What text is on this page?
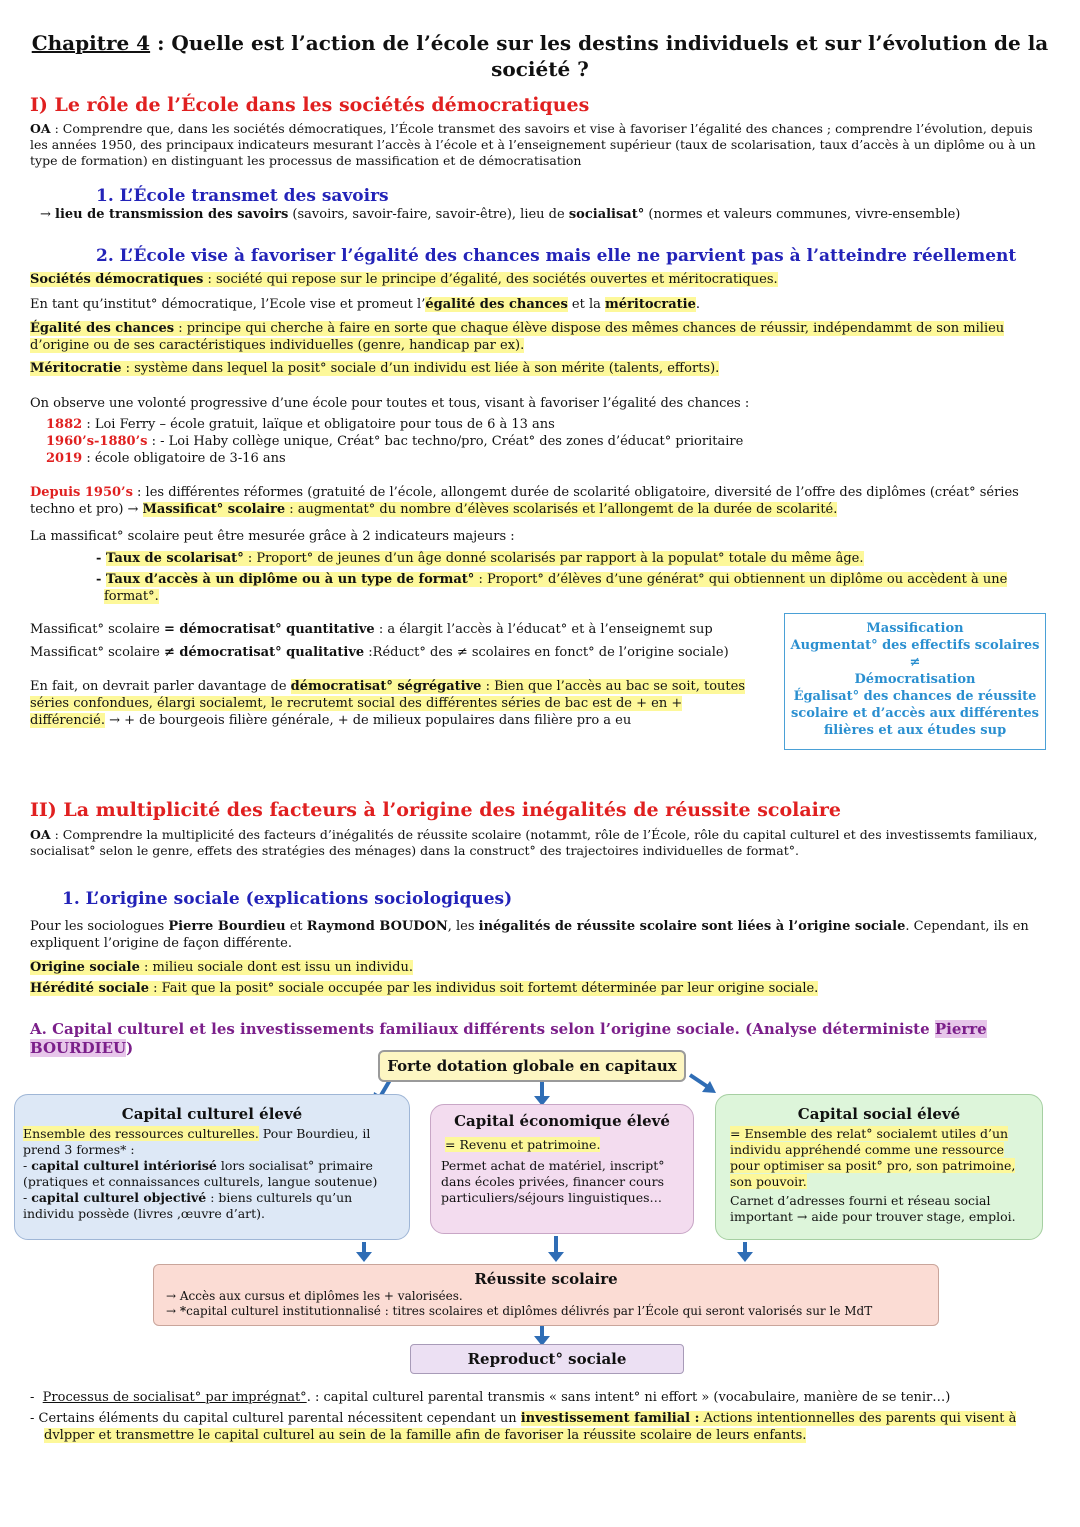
Chapitre 4 : Quelle est l’action de l’école sur les destins individuels et sur l’évolution de la société ?
I) Le rôle de l’École dans les sociétés démocratiques

OA : Comprendre que, dans les sociétés démocratiques, l’École transmet des savoirs et vise à favoriser l’égalité des chances ; comprendre l’évolution, depuis les années 1950, des principaux indicateurs mesurant l’accès à l’école et à l’enseignement supérieur (taux de scolarisation, taux d’accès à un diplôme ou à un type de formation) en distinguant les processus de massification et de démocratisation

1. L’École transmet des savoirs

→ lieu de transmission des savoirs (savoirs, savoir-faire, savoir-être), lieu de socialisat° (normes et valeurs communes, vivre-ensemble)

2. L’École vise à favoriser l’égalité des chances mais elle ne parvient pas à l’atteindre réellement

Sociétés démocratiques : société qui repose sur le principe d’égalité, des sociétés ouvertes et méritocratiques.

En tant qu’institut° démocratique, l’Ecole vise et promeut l’égalité des chances et la méritocratie.

Égalité des chances : principe qui cherche à faire en sorte que chaque élève dispose des mêmes chances de réussir, indépendammt de son milieu d’origine ou de ses caractéristiques individuelles (genre, handicap par ex).

Méritocratie : système dans lequel la posit° sociale d’un individu est liée à son mérite (talents, efforts).

On observe une volonté progressive d’une école pour toutes et tous, visant à favoriser l’égalité des chances :

1882 : Loi Ferry – école gratuit, laïque et obligatoire pour tous de 6 à 13 ans

1960’s-1880’s : - Loi Haby collège unique, Créat° bac techno/pro, Créat° des zones d’éducat° prioritaire

2019 : école obligatoire de 3-16 ans

Depuis 1950’s : les différentes réformes (gratuité de l’école, allongemt durée de scolarité obligatoire, diversité de l’offre des diplômes (créat° séries techno et pro) → Massificat° scolaire : augmentat° du nombre d’élèves scolarisés et l’allongemt de la durée de scolarité.

La massificat° scolaire peut être mesurée grâce à 2 indicateurs majeurs :

- Taux de scolarisat° : Proport° de jeunes d’un âge donné scolarisés par rapport à la populat° totale du même âge.

- Taux d’accès à un diplôme ou à un type de format° : Proport° d’élèves d’une générat° qui obtiennent un diplôme ou accèdent à une format°.

Massificat° scolaire = démocratisat° quantitative : a élargit l’accès à l’éducat° et à l’enseignemt sup

Massificat° scolaire ≠ démocratisat° qualitative :Réduct° des ≠ scolaires en fonct° de l’origine sociale)

En fait, on devrait parler davantage de démocratisat° ségrégative : Bien que l’accès au bac se soit, toutes séries confondues, élargi socialemt, le recrutemt social des différentes séries de bac est de + en + différencié. → + de bourgeois filière générale, + de milieux populaires dans filière pro a eu

Massification
Augmentat° des effectifs scolaires
≠
Démocratisation
Égalisat° des chances de réussite scolaire et d’accès aux différentes filières et aux études sup
II) La multiplicité des facteurs à l’origine des inégalités de réussite scolaire

OA : Comprendre la multiplicité des facteurs d’inégalités de réussite scolaire (notammt, rôle de l’École, rôle du capital culturel et des investissemts familiaux, socialisat° selon le genre, effets des stratégies des ménages) dans la construct° des trajectoires individuelles de format°.

1. L’origine sociale (explications sociologiques)

Pour les sociologues Pierre Bourdieu et Raymond BOUDON, les inégalités de réussite scolaire sont liées à l’origine sociale. Cependant, ils en expliquent l’origine de façon différente.

Origine sociale : milieu sociale dont est issu un individu.

Hérédité sociale : Fait que la posit° sociale occupée par les individus soit fortemt déterminée par leur origine sociale.

A. Capital culturel et les investissements familiaux différents selon l’origine sociale. (Analyse déterministe Pierre BOURDIEU)

Forte dotation globale en capitaux
Capital culturel élevé
Ensemble des ressources culturelles. Pour Bourdieu, il prend 3 formes* :
- capital culturel intériorisé lors socialisat° primaire (pratiques et connaissances culturels, langue soutenue)
- capital culturel objectivé : biens culturels qu’un individu possède (livres ,œuvre d’art).
Capital économique élevé
= Revenu et patrimoine.
Permet achat de matériel, inscript° dans écoles privées, financer cours particuliers/séjours linguistiques…
Capital social élevé
= Ensemble des relat° socialemt utiles d’un individu appréhendé comme une ressource pour optimiser sa posit° pro, son patrimoine, son pouvoir.
Carnet d’adresses fourni et réseau social important → aide pour trouver stage, emploi.
Réussite scolaire
→ Accès aux cursus et diplômes les + valorisées.
→ *capital culturel institutionnalisé : titres scolaires et diplômes délivrés par l’École qui seront valorisés sur le MdT
Reproduct° sociale

-  Processus de socialisat° par imprégnat°. : capital culturel parental transmis « sans intent° ni effort » (vocabulaire, manière de se tenir…)

- Certains éléments du capital culturel parental nécessitent cependant un investissement familial : Actions intentionnelles des parents qui visent à dvlpper et transmettre le capital culturel au sein de la famille afin de favoriser la réussite scolaire de leurs enfants.
